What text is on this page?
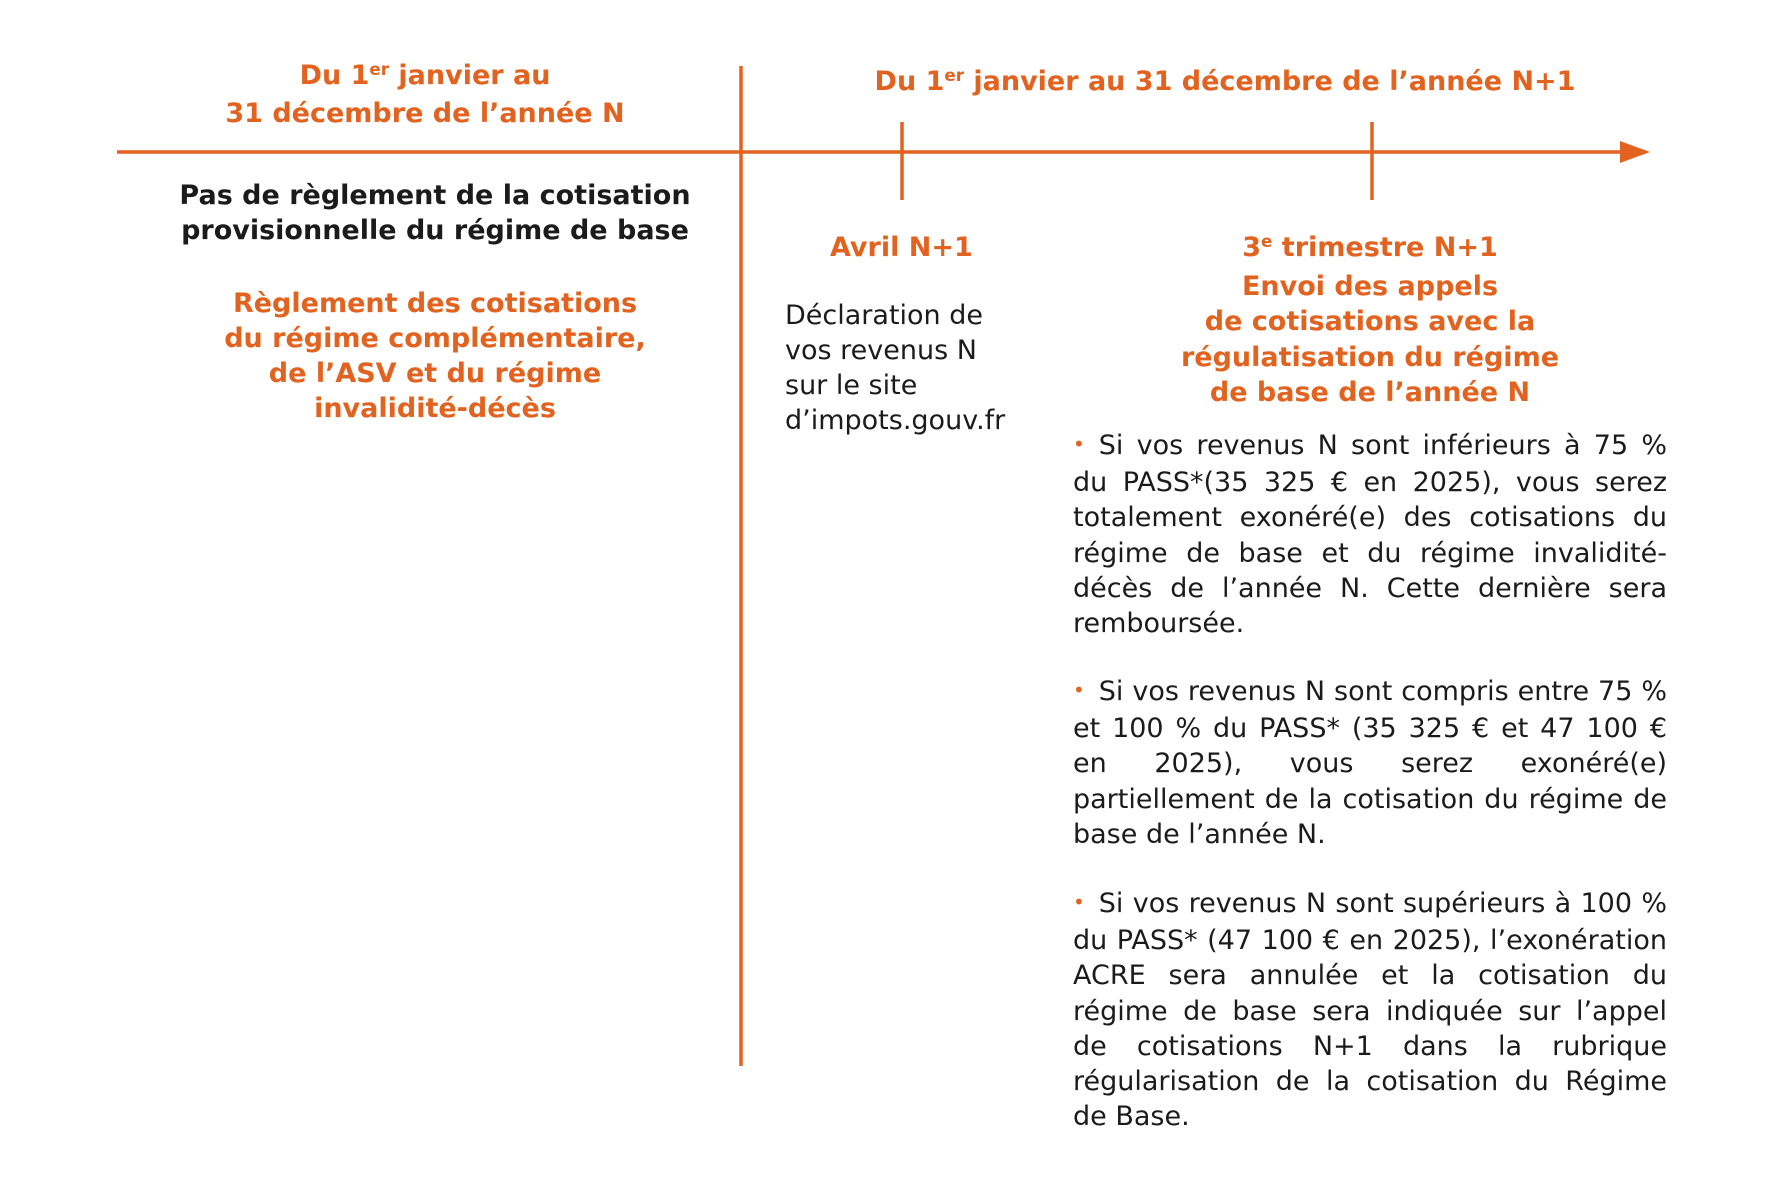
Du 1er janvier au
31 décembre de l’année N
Du 1er janvier au 31 décembre de l’année N+1
Pas de règlement de la cotisation
provisionnelle du régime de base
Règlement des cotisations
du régime complémentaire,
de l’ASV et du régime
invalidité-décès
Avril N+1
Déclaration de
vos revenus N
sur le site
d’impots.gouv.fr
3e trimestre N+1
Envoi des appels
de cotisations avec la
régulatisation du régime
de base de l’année N
• Si vos revenus N sont inférieurs à 75 % du PASS*(35 325 € en 2025), vous serez totalement exonéré(e) des cotisations du régime de base et du régime invalidité-décès de l’année N. Cette dernière sera remboursée.
• Si vos revenus N sont compris entre 75 % et 100 % du PASS* (35 325 € et 47 100 € en 2025), vous serez exonéré(e) partiellement de la cotisation du régime de base de l’année N.
• Si vos revenus N sont supérieurs à 100 % du PASS* (47 100 € en 2025), l’exonération ACRE sera annulée et la cotisation du régime de base sera indiquée sur l’appel de cotisations N+1 dans la rubrique régularisation de la cotisation du Régime de Base.
